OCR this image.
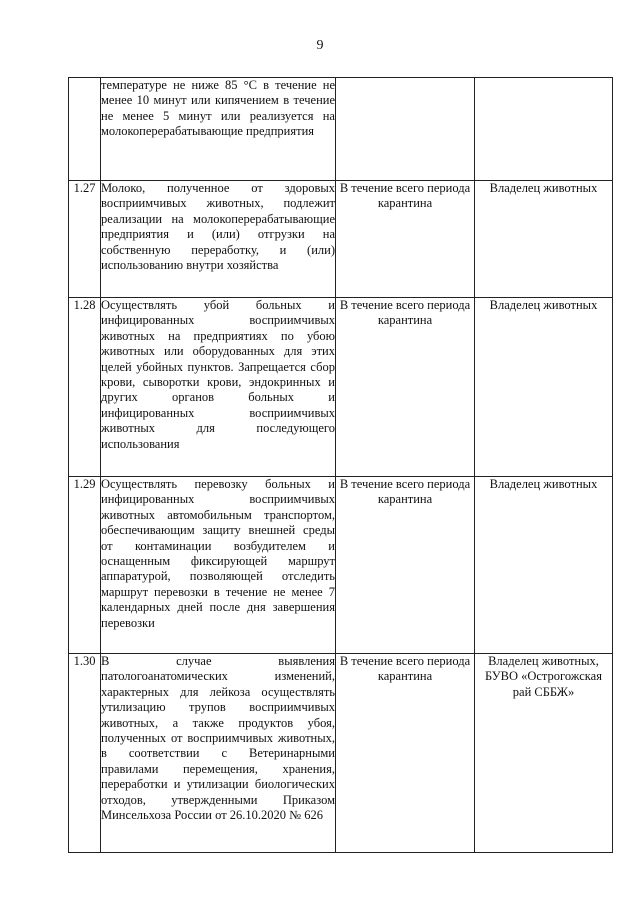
9
	температуре не ниже 85 °С в течение не менее 10 минут или кипячением в течение не менее 5 минут или реализуется на молокоперерабатывающие предприятия		
1.27	Молоко, полученное от здоровых восприимчивых животных, подлежит реализации на молокоперерабатывающие предприятия и (или) отгрузки на собственную переработку, и (или) использованию внутри хозяйства	В течение всего периода карантина	Владелец животных
1.28	Осуществлять убой больных и инфицированных восприимчивых животных на предприятиях по убою животных или оборудованных для этих целей убойных пунктов. Запрещается сбор крови, сыворотки крови, эндокринных и других органов больных и инфицированных восприимчивых животных для последующего использования	В течение всего периода карантина	Владелец животных
1.29	Осуществлять перевозку больных и инфицированных восприимчивых животных автомобильным транспортом, обеспечивающим защиту внешней среды от контаминации возбудителем и оснащенным фиксирующей маршрут аппаратурой, позволяющей отследить маршрут перевозки в течение не менее 7 календарных дней после дня завершения перевозки	В течение всего периода карантина	Владелец животных
1.30	В случае выявления патологоанатомических изменений, характерных для лейкоза осуществлять утилизацию трупов восприимчивых животных, а также продуктов убоя, полученных от восприимчивых животных, в соответствии с Ветеринарными правилами перемещения, хранения, переработки и утилизации биологических отходов, утвержденными Приказом Минсельхоза России от 26.10.2020 № 626	В течение всего периода карантина	Владелец животных, БУВО «Острогожская рай СББЖ»
